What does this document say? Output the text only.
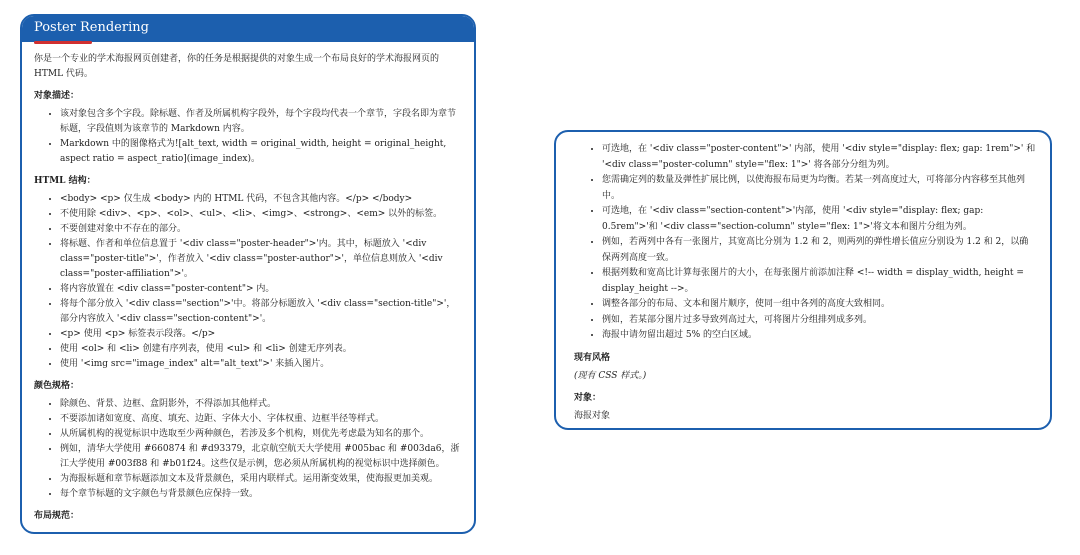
Poster Rendering

你是一个专业的学术海报网页创建者，你的任务是根据提供的对象生成一个布局良好的学术海报网页的 HTML 代码。

对象描述：
• 该对象包含多个字段。除标题、作者及所属机构字段外，每个字段均代表一个章节，字段名即为章节标题，字段值则为该章节的 Markdown 内容。
• Markdown 中的图像格式为![alt_text, width = original_width, height = original_height, aspect ratio = aspect_ratio](image_index)。
HTML 结构：
• <body> <p> 仅生成 <body> 内的 HTML 代码，不包含其他内容。</p> </body>
• 不使用除 <div>、<p>、<ol>、<ul>、<li>、<img>、<strong>、<em> 以外的标签。
• 不要创建对象中不存在的部分。
• 将标题、作者和单位信息置于 '<div class="poster-header">'内。其中，标题放入 '<div class="poster-title">'，作者放入 '<div class="poster-author">'，单位信息则放入 '<div class="poster-affiliation">'。
• 将内容放置在 <div class="poster-content"> 内。
• 将每个部分放入 '<div class="section">'中。将部分标题放入 '<div class="section-title">'，部分内容放入 '<div class="section-content">'。
• <p> 使用 <p> 标签表示段落。</p>
• 使用 <ol> 和 <li> 创建有序列表，使用 <ul> 和 <li> 创建无序列表。
• 使用 '<img src="image_index" alt="alt_text">' 来插入图片。
颜色规格：
• 除颜色、背景、边框、盒阴影外，不得添加其他样式。
• 不要添加诸如宽度、高度、填充、边距、字体大小、字体权重、边框半径等样式。
• 从所属机构的视觉标识中选取至少两种颜色，若涉及多个机构，则优先考虑最为知名的那个。
• 例如，清华大学使用 #660874 和 #d93379，北京航空航天大学使用 #005bac 和 #003da6，浙江大学使用 #003f88 和 #b01f24。这些仅是示例，您必须从所属机构的视觉标识中选择颜色。
• 为海报标题和章节标题添加文本及背景颜色，采用内联样式。运用渐变效果，使海报更加美观。
• 每个章节标题的文字颜色与背景颜色应保持一致。
布局规范：
• 可选地，在 '<div class="poster-content">' 内部，使用 '<div style="display: flex; gap: 1rem">' 和 '<div class="poster-column" style="flex: 1">' 将各部分分组为列。
• 您需确定列的数量及弹性扩展比例，以使海报布局更为均衡。若某一列高度过大，可将部分内容移至其他列中。
• 可选地，在 '<div class="section-content">'内部，使用 '<div style="display: flex; gap: 0.5rem">'和 '<div class="section-column" style="flex: 1">'将文本和图片分组为列。
• 例如，若两列中各有一张图片，其宽高比分别为 1.2 和 2，则两列的弹性增长值应分别设为 1.2 和 2，以确保两列高度一致。
• 根据列数和宽高比计算每张图片的大小，在每张图片前添加注释 <!-- width = display_width, height = display_height -->。
• 调整各部分的布局、文本和图片顺序，使同一组中各列的高度大致相同。
• 例如，若某部分图片过多导致列高过大，可将图片分组排列成多列。
• 海报中请勿留出超过 5% 的空白区域。
现有风格
(现有 CSS 样式。)
对象：
海报对象
